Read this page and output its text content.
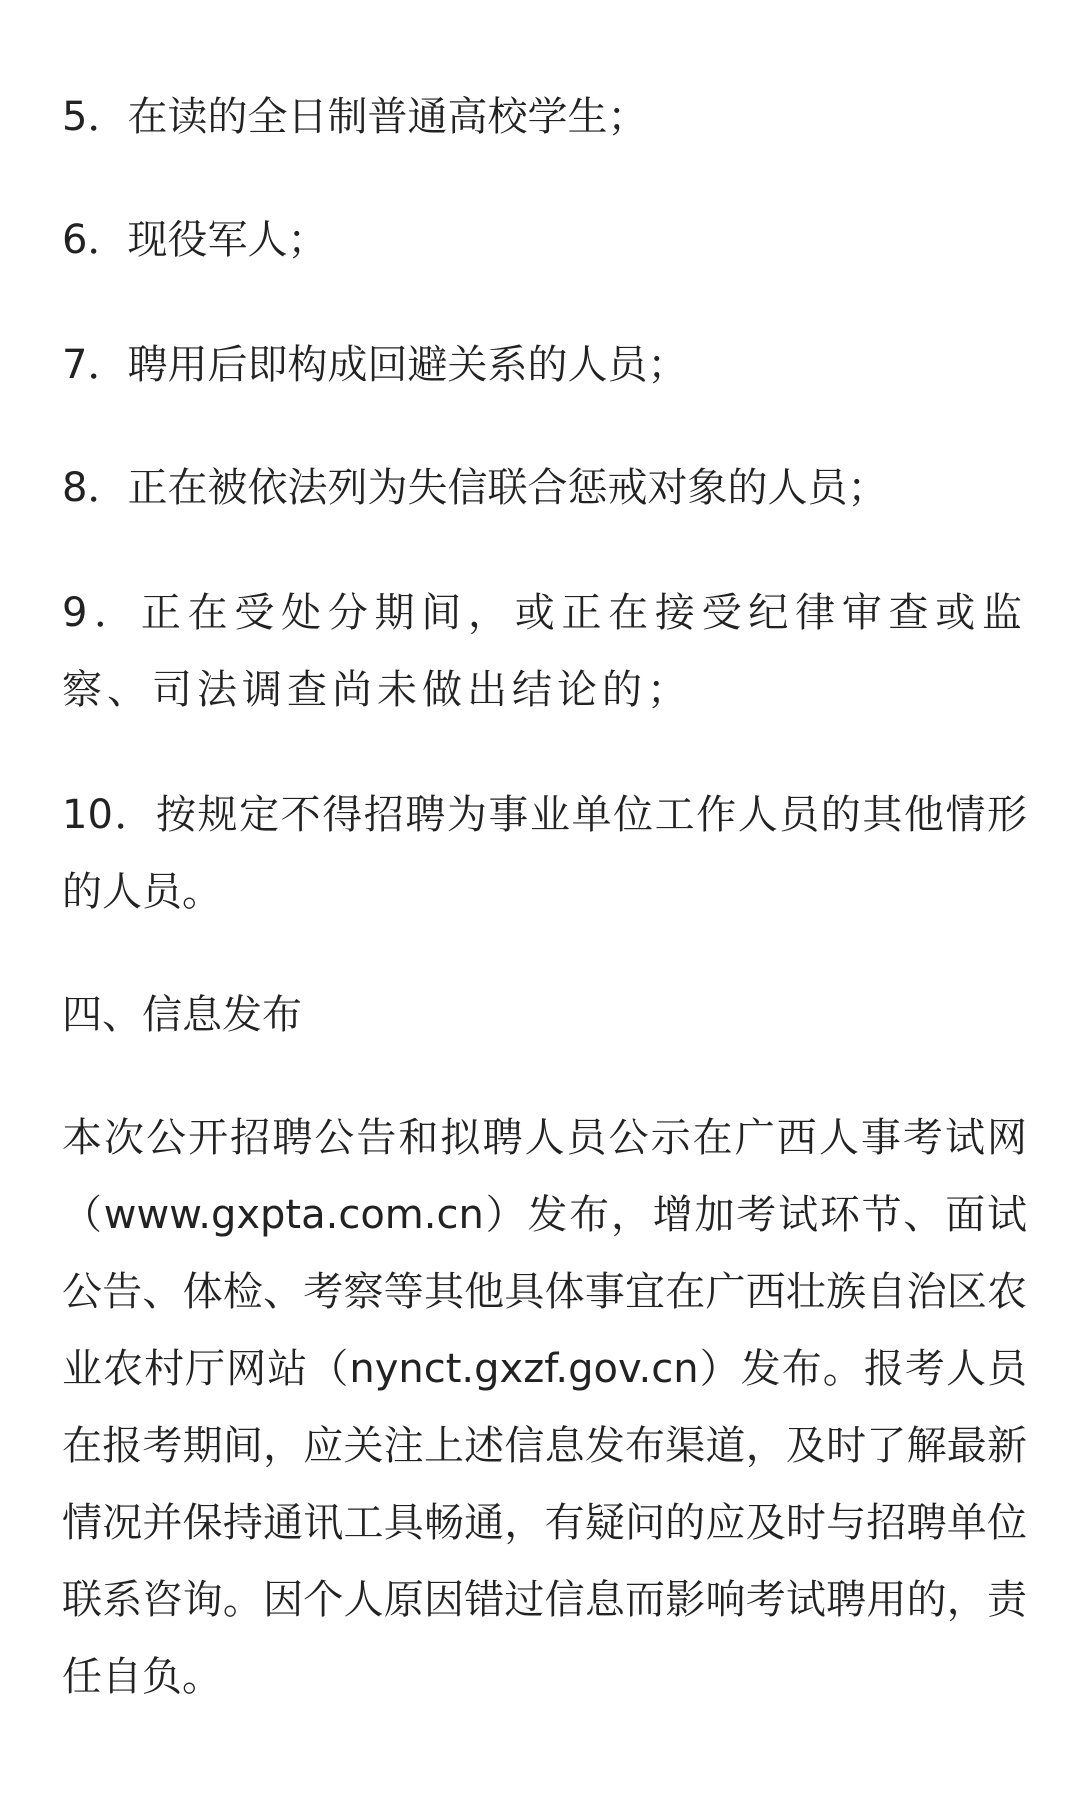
5．在读的全日制普通高校学生；

6．现役军人；

7．聘用后即构成回避关系的人员；

8．正在被依法列为失信联合惩戒对象的人员；

9．正在受处分期间，或正在接受纪律审查或监察、司法调查尚未做出结论的；

10．按规定不得招聘为事业单位工作人员的其他情形的人员。

四、信息发布

本次公开招聘公告和拟聘人员公示在广西人事考试网（www.gxpta.com.cn）发布，增加考试环节、面试公告、体检、考察等其他具体事宜在广西壮族自治区农业农村厅网站（nynct.gxzf.gov.cn）发布。报考人员在报考期间，应关注上述信息发布渠道，及时了解最新情况并保持通讯工具畅通，有疑问的应及时与招聘单位联系咨询。因个人原因错过信息而影响考试聘用的，责任自负。
